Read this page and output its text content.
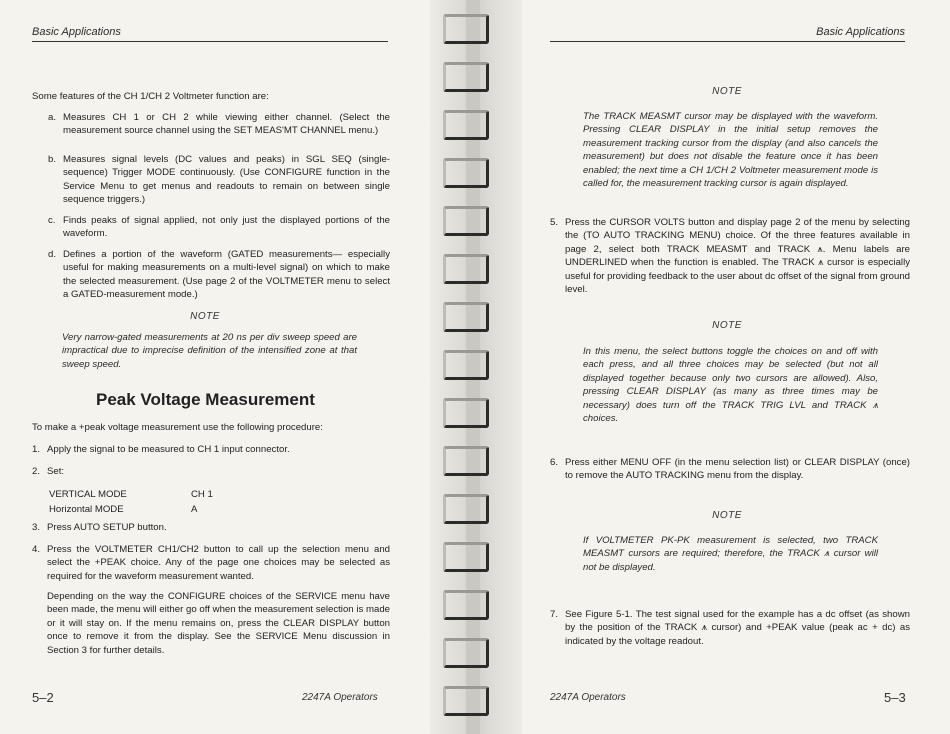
Basic Applications
Some features of the CH 1/CH 2 Voltmeter function are:
a. Measures CH 1 or CH 2 while viewing either channel. (Select the measurement source channel using the SET MEAS'MT CHANNEL menu.)
b. Measures signal levels (DC values and peaks) in SGL SEQ (single-sequence) Trigger MODE continuously. (Use CONFIGURE function in the Service Menu to get menus and readouts to remain on between single sequence triggers.)
c. Finds peaks of signal applied, not only just the displayed portions of the waveform.
d. Defines a portion of the waveform (GATED measurements— especially useful for making measurements on a multi-level signal) on which to make the selected measurement. (Use page 2 of the VOLTMETER menu to select a GATED-measurement mode.)
NOTE
Very narrow-gated measurements at 20 ns per div sweep speed are impractical due to imprecise definition of the intensified zone at that sweep speed.
Peak Voltage Measurement
To make a +peak voltage measurement use the following procedure:
1. Apply the signal to be measured to CH 1 input connector.
2. Set:
VERTICAL MODE	CH 1
Horizontal MODE	A
3. Press AUTO SETUP button.
4. Press the VOLTMETER CH1/CH2 button to call up the selection menu and select the +PEAK choice. Any of the page one choices may be selected as required for the waveform measurement wanted.
Depending on the way the CONFIGURE choices of the SERVICE menu have been made, the menu will either go off when the measurement selection is made or it will stay on. If the menu remains on, press the CLEAR DISPLAY button once to remove it from the display. See the SERVICE Menu discussion in Section 3 for further details.
5–2	2247A Operators
Basic Applications
NOTE
The TRACK MEASMT cursor may be displayed with the waveform. Pressing CLEAR DISPLAY in the initial setup removes the measurement tracking cursor from the display (and also cancels the measurement) but does not disable the feature once it has been enabled; the next time a CH 1/CH 2 Voltmeter measurement mode is called for, the measurement tracking cursor is again displayed.
5. Press the CURSOR VOLTS button and display page 2 of the menu by selecting the (TO AUTO TRACKING MENU) choice. Of the three features available in page 2, select both TRACK MEASMT and TRACK ⩚. Menu labels are UNDERLINED when the function is enabled. The TRACK ⩚ cursor is especially useful for providing feedback to the user about dc offset of the signal from ground level.
NOTE
In this menu, the select buttons toggle the choices on and off with each press, and all three choices may be selected (but not all displayed together because only two cursors are allowed). Also, pressing CLEAR DISPLAY (as many as three times may be necessary) does turn off the TRACK TRIG LVL and TRACK ⩚ choices.
6. Press either MENU OFF (in the menu selection list) or CLEAR DISPLAY (once) to remove the AUTO TRACKING menu from the display.
NOTE
If VOLTMETER PK-PK measurement is selected, two TRACK MEASMT cursors are required; therefore, the TRACK ⩚ cursor will not be displayed.
7. See Figure 5-1. The test signal used for the example has a dc offset (as shown by the position of the TRACK ⩚ cursor) and +PEAK value (peak ac + dc) as indicated by the voltage readout.
2247A Operators	5–3
